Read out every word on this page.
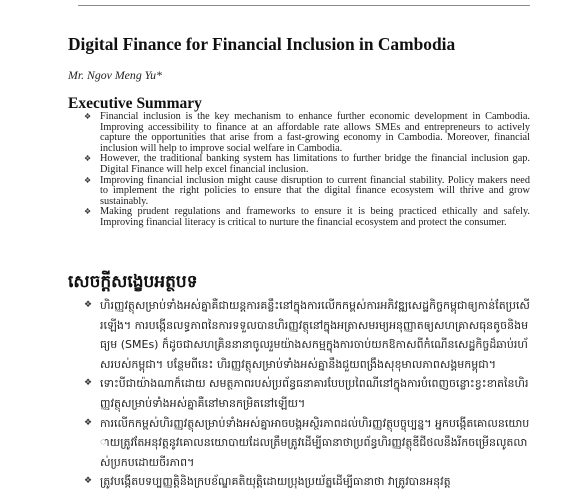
Digital Finance for Financial Inclusion in Cambodia
Mr. Ngov Meng Yu*
Executive Summary
❖ Financial inclusion is the key mechanism to enhance further economic development in Cambodia. Improving accessibility to finance at an affordable rate allows SMEs and entrepreneurs to actively capture the opportunities that arise from a fast-growing economy in Cambodia. Moreover, financial inclusion will help to improve social welfare in Cambodia.
❖ However, the traditional banking system has limitations to further bridge the financial inclusion gap. Digital Finance will help excel financial inclusion.
❖ Improving financial inclusion might cause disruption to current financial stability. Policy makers need to implement the right policies to ensure that the digital finance ecosystem will thrive and grow sustainably.
❖ Making prudent regulations and frameworks to ensure it is being practiced ethically and safely. Improving financial literacy is critical to nurture the financial ecosystem and protect the consumer.
សេចក្តីសង្ខេបអត្ថបទ
❖ ហិរញ្ញវត្ថុសម្រាប់ទាំងអស់គ្នាគឺជាយន្តការគន្លឹះនៅក្នុងការលើកកម្ពស់ការអភិវឌ្ឍសេដ្ឋកិច្ចកម្ពុជាឲ្យកាន់តែប្រសើរឡើង។ ការបង្កើនលទ្ធភាពនៃការទទួលបានហិរញ្ញវត្ថុនៅក្នុងអត្រាសមរម្យអនុញ្ញាតឲ្យសហគ្រាសធុនតូចនិងមធ្យម (SMEs) ក៏ដូចជាសហគ្រិននានាចូលរួមយ៉ាងសកម្មក្នុងការចាប់យកឱកាសពីកំណើនសេដ្ឋកិច្ចដ៏ឆាប់រហ័សរបស់កម្ពុជា។ បន្ថែមពីនេះ ហិរញ្ញវត្ថុសម្រាប់ទាំងអស់គ្នានឹងជួយពង្រឹងសុខុមាលភាពសង្គមកម្ពុជា។
❖ ទោះបីជាយ៉ាងណាក៏ដោយ សមត្ថភាពរបស់ប្រព័ន្ធធនាគារបែបប្រពៃណីនៅក្នុងការបំពេញចន្លោះខ្វះខាតនៃហិរញ្ញវត្ថុសម្រាប់ទាំងអស់គ្នាគឺនៅមានកម្រិតនៅឡើយ។
❖ ការលើកកម្ពស់ហិរញ្ញវត្ថុសម្រាប់ទាំងអស់គ្នាអាចបង្កអស្ថិរភាពដល់ហិរញ្ញវត្ថុបច្ចុប្បន្ន។ អ្នកបង្កើតគោលនយោបាយត្រូវតែអនុវត្តនូវគោលនយោបាយដែលត្រឹមត្រូវដើម្បីធានាថាប្រព័ន្ធហិរញ្ញវត្ថុឌីជីថលនឹងរីកចម្រើនលូតលាស់ប្រកបដោយចីរភាព។
❖ ត្រូវបង្កើតបទប្បញ្ញត្តិនិងក្របខ័ណ្ឌគតិយុត្តិដោយប្រុងប្រយ័ត្នដើម្បីធានាថា វាត្រូវបានអនុវត្ត
